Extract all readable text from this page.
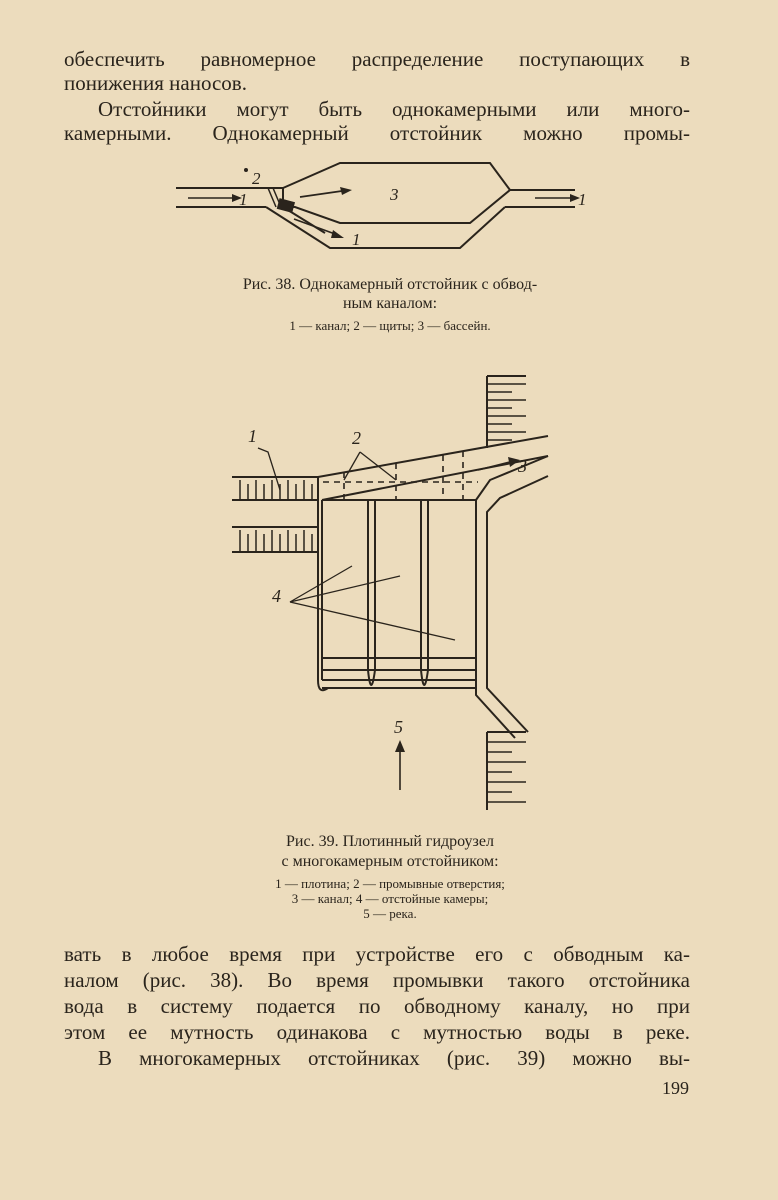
обеспечить равномерное распределение поступающих в
понижения наносов.
Отстойники могут быть однокамерными или много-
камерными. Однокамерный отстойник можно промы-
1
2
3
1
1
Рис. 38. Однокамерный отстойник с обвод-
ным каналом:
1 — канал; 2 — щиты; 3 — бассейн.
1	2
3
4
5
Рис. 39. Плотинный гидроузел
с многокамерным отстойником:
1 — плотина; 2 — промывные отверстия;
3 — канал; 4 — отстойные камеры;
5 — река.
вать в любое время при устройстве его с обводным ка-
налом (рис. 38). Во время промывки такого отстойника
вода в систему подается по обводному каналу, но при
этом ее мутность одинакова с мутностью воды в реке.
В многокамерных отстойниках (рис. 39) можно вы-
199
